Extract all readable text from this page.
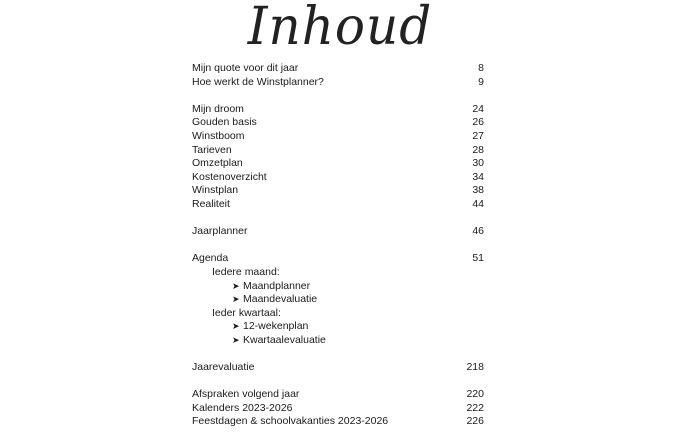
Inhoud
Mijn quote voor dit jaar	8
Hoe werkt de Winstplanner?	9
Mijn droom	24
Gouden basis	26
Winstboom	27
Tarieven	28
Omzetplan	30
Kostenoverzicht	34
Winstplan	38
Realiteit	44
Jaarplanner	46
Agenda	51
Iedere maand:
➤ Maandplanner
➤ Maandevaluatie
Ieder kwartaal:
➤ 12-wekenplan
➤ Kwartaalevaluatie
Jaarevaluatie	218
Afspraken volgend jaar	220
Kalenders 2023-2026	222
Feestdagen & schoolvakanties 2023-2026	226
